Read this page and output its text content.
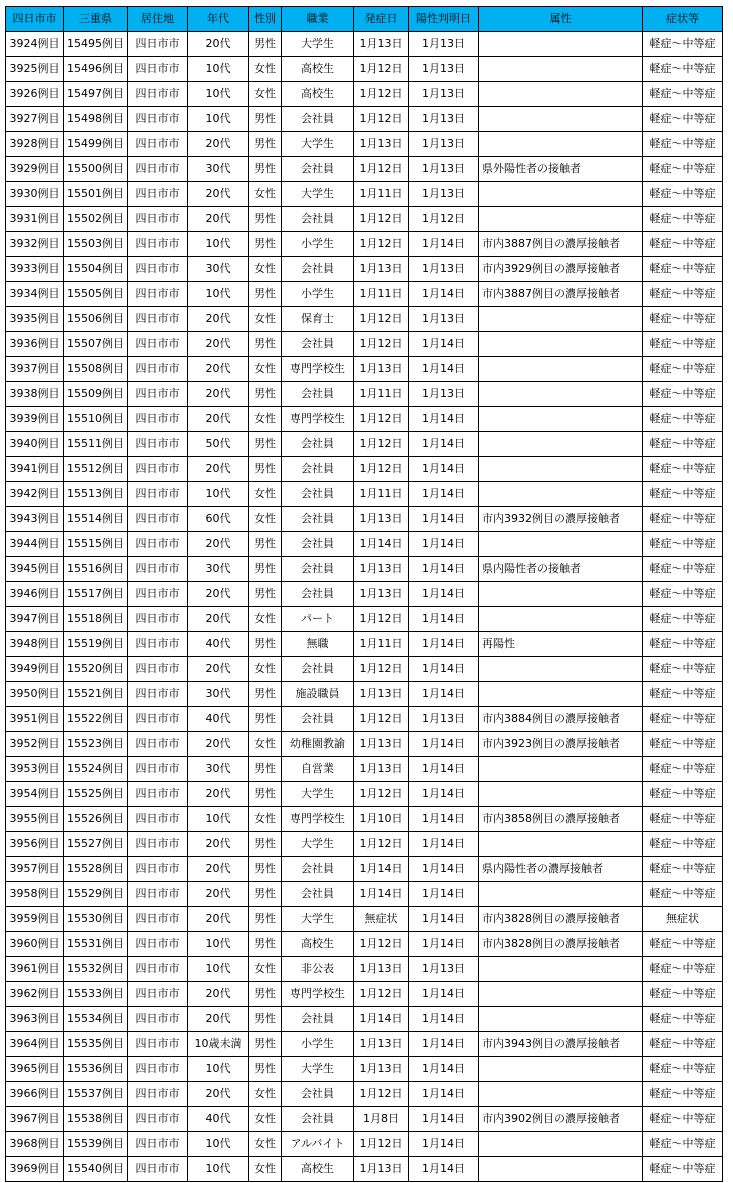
四日市市	三重県	居住地	年代	性別	職業	発症日	陽性判明日	属性	症状等
3924例目	15495例目	四日市市	20代	男性	大学生	1月13日	1月13日		軽症～中等症
3925例目	15496例目	四日市市	10代	女性	高校生	1月12日	1月13日		軽症～中等症
3926例目	15497例目	四日市市	10代	女性	高校生	1月12日	1月13日		軽症～中等症
3927例目	15498例目	四日市市	10代	男性	会社員	1月12日	1月13日		軽症～中等症
3928例目	15499例目	四日市市	20代	男性	大学生	1月13日	1月13日		軽症～中等症
3929例目	15500例目	四日市市	30代	男性	会社員	1月12日	1月13日	県外陽性者の接触者	軽症～中等症
3930例目	15501例目	四日市市	20代	女性	大学生	1月11日	1月13日		軽症～中等症
3931例目	15502例目	四日市市	20代	男性	会社員	1月12日	1月12日		軽症～中等症
3932例目	15503例目	四日市市	10代	男性	小学生	1月12日	1月14日	市内3887例目の濃厚接触者	軽症～中等症
3933例目	15504例目	四日市市	30代	女性	会社員	1月13日	1月13日	市内3929例目の濃厚接触者	軽症～中等症
3934例目	15505例目	四日市市	10代	男性	小学生	1月11日	1月14日	市内3887例目の濃厚接触者	軽症～中等症
3935例目	15506例目	四日市市	20代	女性	保育士	1月12日	1月13日		軽症～中等症
3936例目	15507例目	四日市市	20代	男性	会社員	1月12日	1月14日		軽症～中等症
3937例目	15508例目	四日市市	20代	女性	専門学校生	1月13日	1月14日		軽症～中等症
3938例目	15509例目	四日市市	20代	男性	会社員	1月11日	1月13日		軽症～中等症
3939例目	15510例目	四日市市	20代	女性	専門学校生	1月12日	1月14日		軽症～中等症
3940例目	15511例目	四日市市	50代	男性	会社員	1月12日	1月14日		軽症～中等症
3941例目	15512例目	四日市市	20代	男性	会社員	1月12日	1月14日		軽症～中等症
3942例目	15513例目	四日市市	10代	女性	会社員	1月11日	1月14日		軽症～中等症
3943例目	15514例目	四日市市	60代	女性	会社員	1月13日	1月14日	市内3932例目の濃厚接触者	軽症～中等症
3944例目	15515例目	四日市市	20代	男性	会社員	1月14日	1月14日		軽症～中等症
3945例目	15516例目	四日市市	30代	男性	会社員	1月13日	1月14日	県内陽性者の接触者	軽症～中等症
3946例目	15517例目	四日市市	20代	男性	会社員	1月13日	1月14日		軽症～中等症
3947例目	15518例目	四日市市	20代	女性	パート	1月12日	1月14日		軽症～中等症
3948例目	15519例目	四日市市	40代	男性	無職	1月11日	1月14日	再陽性	軽症～中等症
3949例目	15520例目	四日市市	20代	女性	会社員	1月12日	1月14日		軽症～中等症
3950例目	15521例目	四日市市	30代	男性	施設職員	1月13日	1月14日		軽症～中等症
3951例目	15522例目	四日市市	40代	男性	会社員	1月12日	1月13日	市内3884例目の濃厚接触者	軽症～中等症
3952例目	15523例目	四日市市	20代	女性	幼稚園教諭	1月13日	1月14日	市内3923例目の濃厚接触者	軽症～中等症
3953例目	15524例目	四日市市	30代	男性	自営業	1月13日	1月14日		軽症～中等症
3954例目	15525例目	四日市市	20代	男性	大学生	1月12日	1月14日		軽症～中等症
3955例目	15526例目	四日市市	10代	女性	専門学校生	1月10日	1月14日	市内3858例目の濃厚接触者	軽症～中等症
3956例目	15527例目	四日市市	20代	男性	大学生	1月12日	1月14日		軽症～中等症
3957例目	15528例目	四日市市	20代	男性	会社員	1月14日	1月14日	県内陽性者の濃厚接触者	軽症～中等症
3958例目	15529例目	四日市市	20代	男性	会社員	1月14日	1月14日		軽症～中等症
3959例目	15530例目	四日市市	20代	男性	大学生	無症状	1月14日	市内3828例目の濃厚接触者	無症状
3960例目	15531例目	四日市市	10代	男性	高校生	1月12日	1月14日	市内3828例目の濃厚接触者	軽症～中等症
3961例目	15532例目	四日市市	10代	女性	非公表	1月13日	1月13日		軽症～中等症
3962例目	15533例目	四日市市	20代	男性	専門学校生	1月12日	1月14日		軽症～中等症
3963例目	15534例目	四日市市	20代	男性	会社員	1月14日	1月14日		軽症～中等症
3964例目	15535例目	四日市市	10歳未満	男性	小学生	1月13日	1月14日	市内3943例目の濃厚接触者	軽症～中等症
3965例目	15536例目	四日市市	10代	男性	大学生	1月13日	1月14日		軽症～中等症
3966例目	15537例目	四日市市	20代	女性	会社員	1月12日	1月14日		軽症～中等症
3967例目	15538例目	四日市市	40代	女性	会社員	1月8日	1月14日	市内3902例目の濃厚接触者	軽症～中等症
3968例目	15539例目	四日市市	10代	女性	アルバイト	1月12日	1月14日		軽症～中等症
3969例目	15540例目	四日市市	10代	女性	高校生	1月13日	1月14日		軽症～中等症
